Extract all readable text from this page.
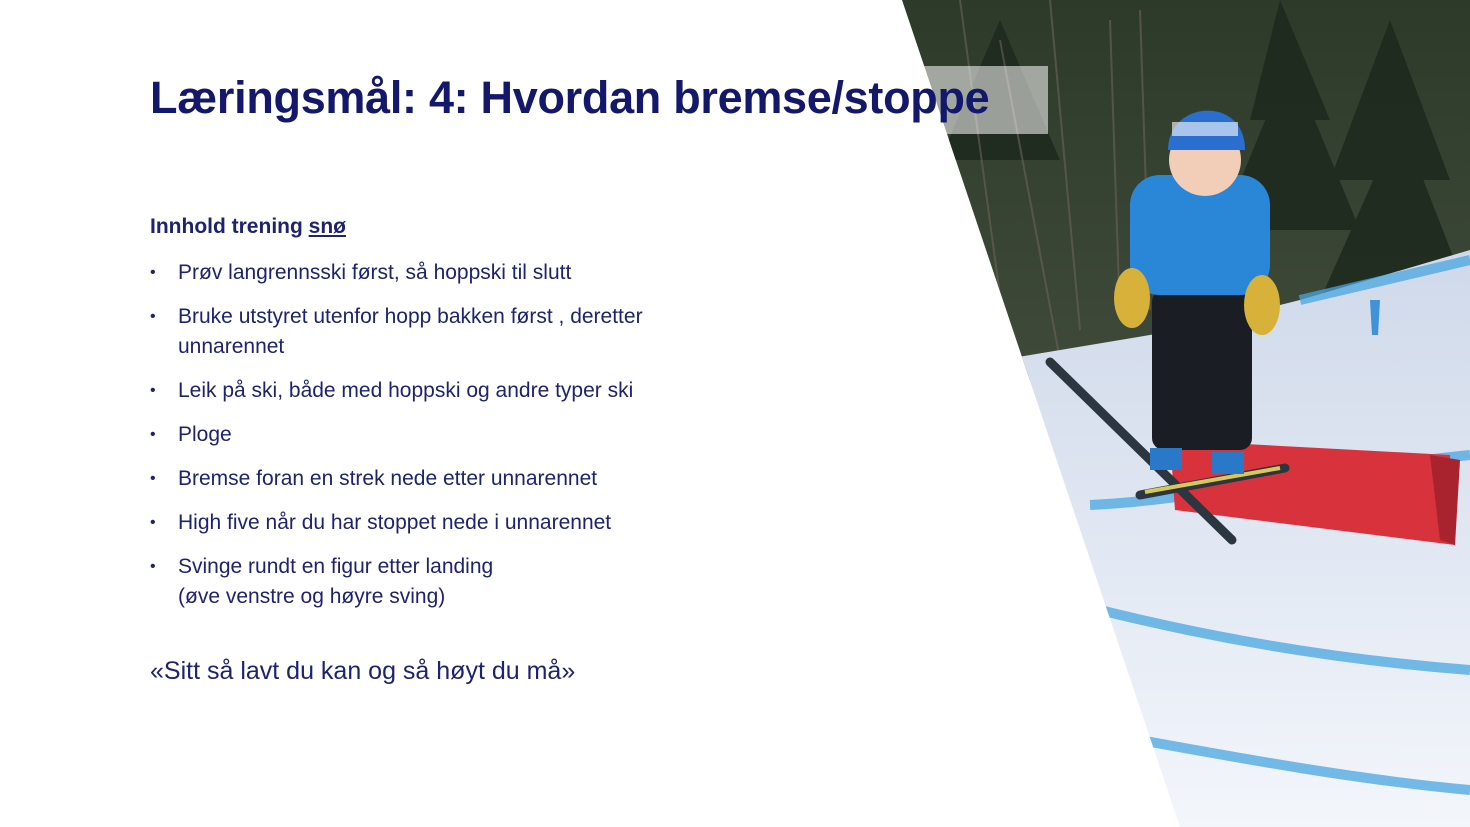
Læringsmål: 4: Hvordan bremse/stoppe

Innhold trening snø

• Prøv langrennsski først, så hoppski til slutt
• Bruke utstyret utenfor hopp bakken først , deretter
unnarennet
• Leik på ski, både med hoppski og andre typer ski
• Ploge
• Bremse foran en strek nede etter unnarennet
• High five når du har stoppet nede i unnarennet
• Svinge rundt en figur etter landing
(øve venstre og høyre sving)

«Sitt så lavt du kan og så høyt du må»
